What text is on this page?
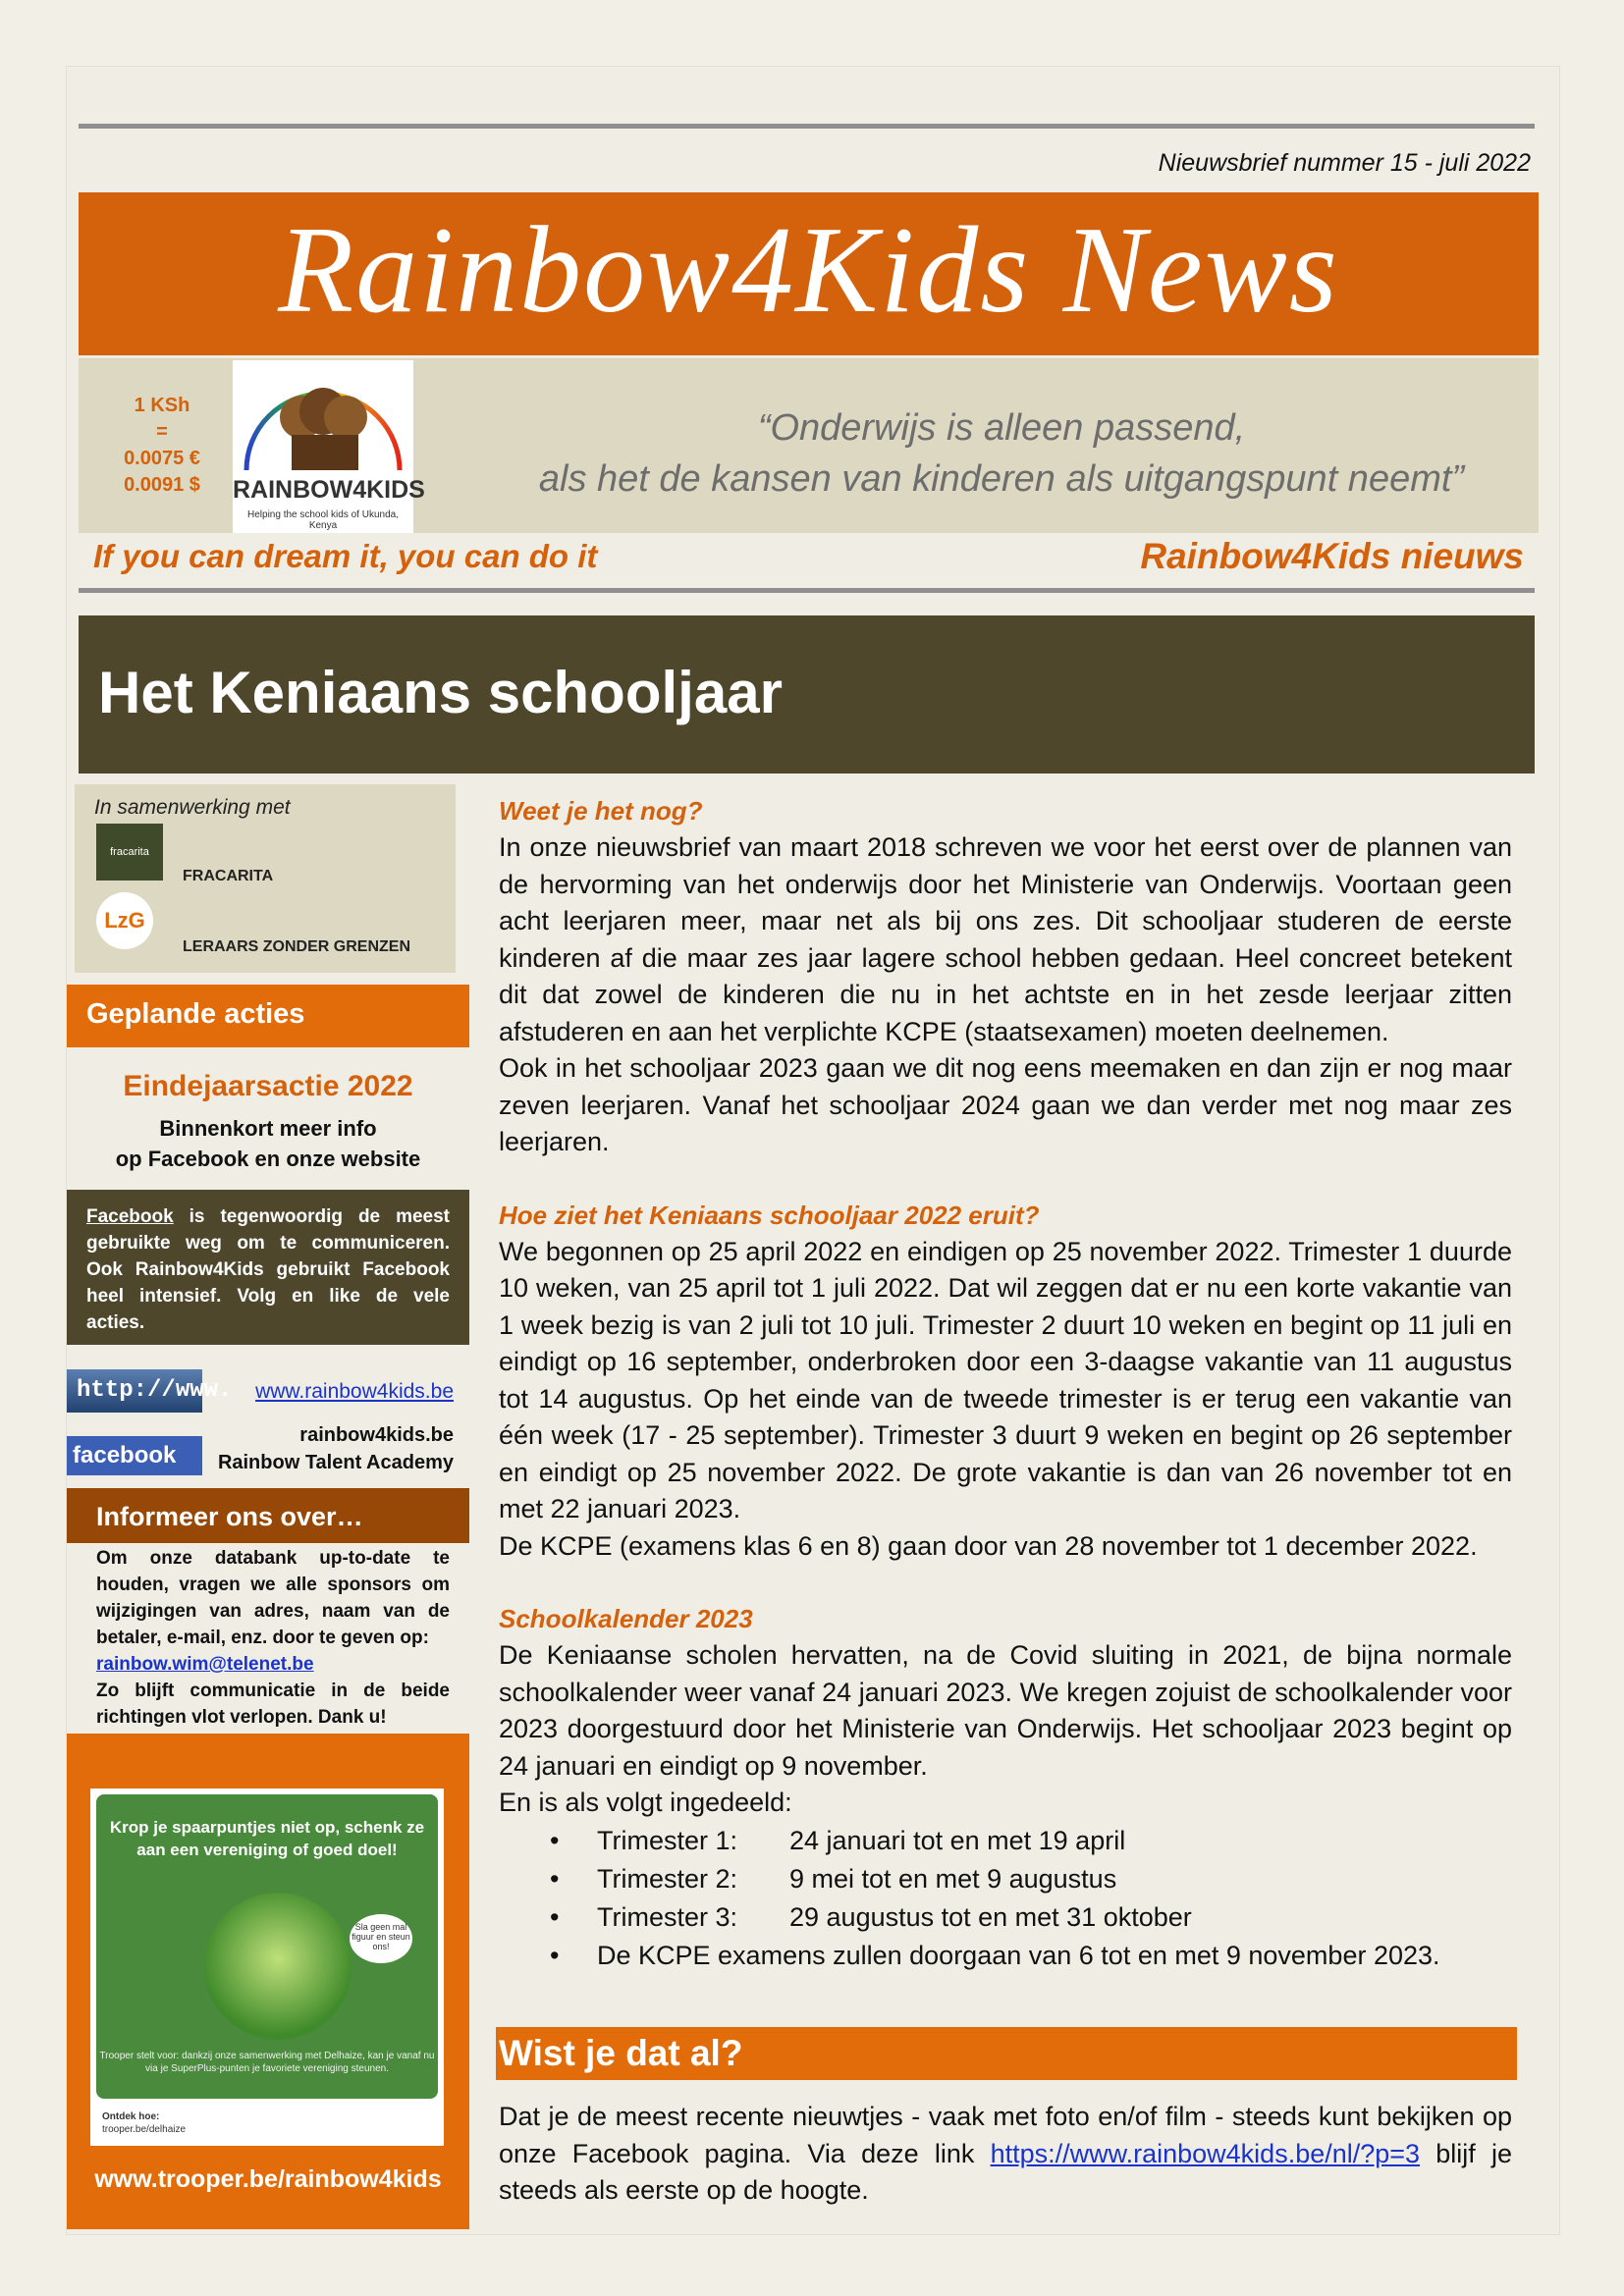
Nieuwsbrief nummer 15 - juli 2022
Rainbow4Kids News
1 KSh
=
0.0075 €
0.0091 $	RAINBOW4KIDS
Helping the school kids of Ukunda, Kenya
“Onderwijs is alleen passend,
als het de kansen van kinderen als uitgangspunt neemt”
If you can dream it, you can do it	Rainbow4Kids nieuws
Het Keniaans schooljaar
In samenwerking met
fracarita
FRACARITA
LzG
LERAARS ZONDER GRENZEN
Geplande acties
Eindejaarsactie 2022
Binnenkort meer info
op Facebook en onze website

Facebook is tegenwoordig de meest gebruikte weg om te communiceren. Ook Rainbow4Kids gebruikt Facebook heel intensief. Volg en like de vele acties.

http://www. www.rainbow4kids.be
facebook
rainbow4kids.be
Rainbow Talent Academy
Informeer ons over…
Om onze databank up-to-date te houden, vragen we alle sponsors om wijzigingen van adres, naam van de betaler, e-mail, enz. door te geven op:
rainbow.wim@telenet.be
Zo blijft communicatie in de beide richtingen vlot verlopen. Dank u!
Krop je spaarpuntjes niet op, schenk ze aan een vereniging of goed doel!
Sla geen mal figuur en steun ons!
Trooper stelt voor: dankzij onze samenwerking met Delhaize, kan je vanaf nu via je SuperPlus-punten je favoriete vereniging steunen.
Ontdek hoe:
trooper.be/delhaize
www.trooper.be/rainbow4kids
Weet je het nog?

In onze nieuwsbrief van maart 2018 schreven we voor het eerst over de plannen van de hervorming van het onderwijs door het Ministerie van Onderwijs. Voortaan geen acht leerjaren meer, maar net als bij ons zes. Dit schooljaar studeren de eerste kinderen af die maar zes jaar lagere school hebben gedaan. Heel concreet betekent dit dat zowel de kinderen die nu in het achtste en in het zesde leerjaar zitten afstuderen en aan het verplichte KCPE (staatsexamen) moeten deelnemen.

Ook in het schooljaar 2023 gaan we dit nog eens meemaken en dan zijn er nog maar zeven leerjaren. Vanaf het schooljaar 2024 gaan we dan verder met nog maar zes leerjaren.

Hoe ziet het Keniaans schooljaar 2022 eruit?

We begonnen op 25 april 2022 en eindigen op 25 november 2022. Trimester 1 duurde 10 weken, van 25 april tot 1 juli 2022. Dat wil zeggen dat er nu een korte vakantie van 1 week bezig is van 2 juli tot 10 juli. Trimester 2 duurt 10 weken en begint op 11 juli en eindigt op 16 september, onderbroken door een 3-daagse vakantie van 11 augustus tot 14 augustus. Op het einde van de tweede trimester is er terug een vakantie van één week (17 - 25 september). Trimester 3 duurt 9 weken en begint op 26 september en eindigt op 25 november 2022. De grote vakantie is dan van 26 november tot en met 22 januari 2023.

De KCPE (examens klas 6 en 8) gaan door van 28 november tot 1 december 2022.

Schoolkalender 2023

De Keniaanse scholen hervatten, na de Covid sluiting in 2021, de bijna normale schoolkalender weer vanaf 24 januari 2023. We kregen zojuist de schoolkalender voor 2023 doorgestuurd door het Ministerie van Onderwijs. Het schooljaar 2023 begint op 24 januari en eindigt op 9 november.

En is als volgt ingedeeld:

• Trimester 1: 24 januari tot en met 19 april
• Trimester 2: 9 mei tot en met 9 augustus
• Trimester 3: 29 augustus tot en met 31 oktober
• De KCPE examens zullen doorgaan van 6 tot en met 9 november 2023.
Wist je dat al?
Dat je de meest recente nieuwtjes - vaak met foto en/of film - steeds kunt bekijken op onze Facebook pagina. Via deze link https://www.rainbow4kids.be/nl/?p=3 blijf je steeds als eerste op de hoogte.
